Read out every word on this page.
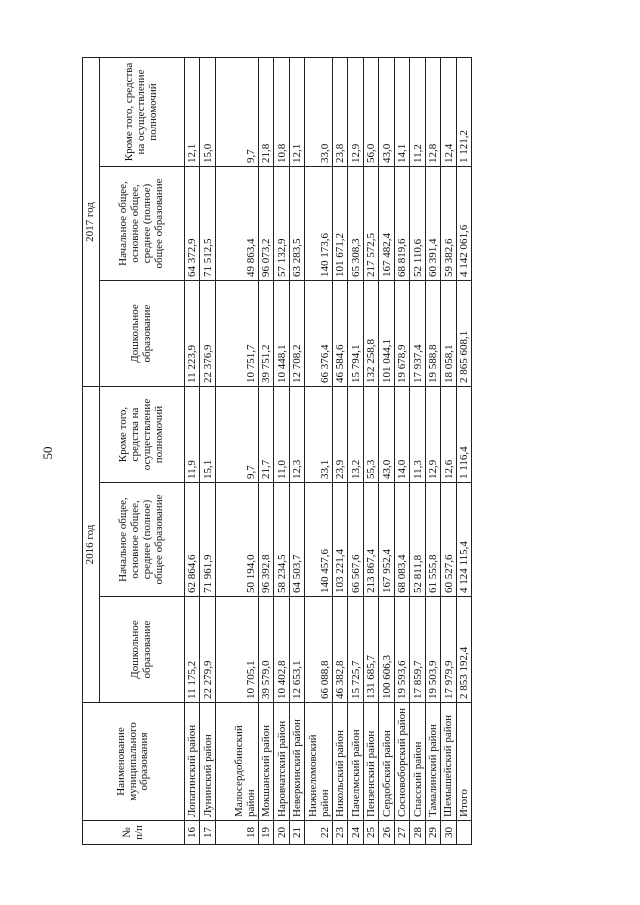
50
№ п/п	Наименование муниципального образования	2016 год			2017 год		
		Дошкольное образование	Начальное общее, основное общее, среднее (полное) общее образование	Кроме того, средства на осуществление полномочий	Дошкольное образование	Начальное общее, основное общее, среднее (полное) общее образование	Кроме того, средства на осуществление полномочий
16	Лопатинский район	11 175,2	62 864,6	11,9	11 223,9	64 372,9	12,1
17	Лунинский район	22 279,9	71 961,9	15,1	22 376,9	71 512,5	15,0
18	Малосердобинский район	10 705,1	50 194,0	9,7	10 751,7	49 863,4	9,7
19	Мокшанский район	39 579,0	96 392,8	21,7	39 751,2	96 073,2	21,8
20	Наровчатский район	10 402,8	58 234,5	11,0	10 448,1	57 132,9	10,8
21	Неверкинский район	12 653,1	64 503,7	12,3	12 708,2	63 283,5	12,1
22	Нижнеломовский район	66 088,8	140 457,6	33,1	66 376,4	140 173,6	33,0
23	Никольский район	46 382,8	103 221,4	23,9	46 584,6	101 671,2	23,8
24	Пачелмский район	15 725,7	66 567,6	13,2	15 794,1	65 308,3	12,9
25	Пензенский район	131 685,7	213 867,4	55,3	132 258,8	217 572,5	56,0
26	Сердобский район	100 606,3	167 952,4	43,0	101 044,1	167 482,4	43,0
27	Сосновоборский район	19 593,6	68 083,4	14,0	19 678,9	68 819,6	14,1
28	Спасский район	17 859,7	52 811,8	11,3	17 937,4	52 110,6	11,2
29	Тамалинский район	19 503,9	61 555,8	12,9	19 588,8	60 391,4	12,8
30	Шемышейский район	17 979,9	60 527,6	12,6	18 058,1	59 382,6	12,4
	Итого	2 853 192,4	4 124 115,4	1 116,4	2 865 608,1	4 142 061,6	1 121,2
